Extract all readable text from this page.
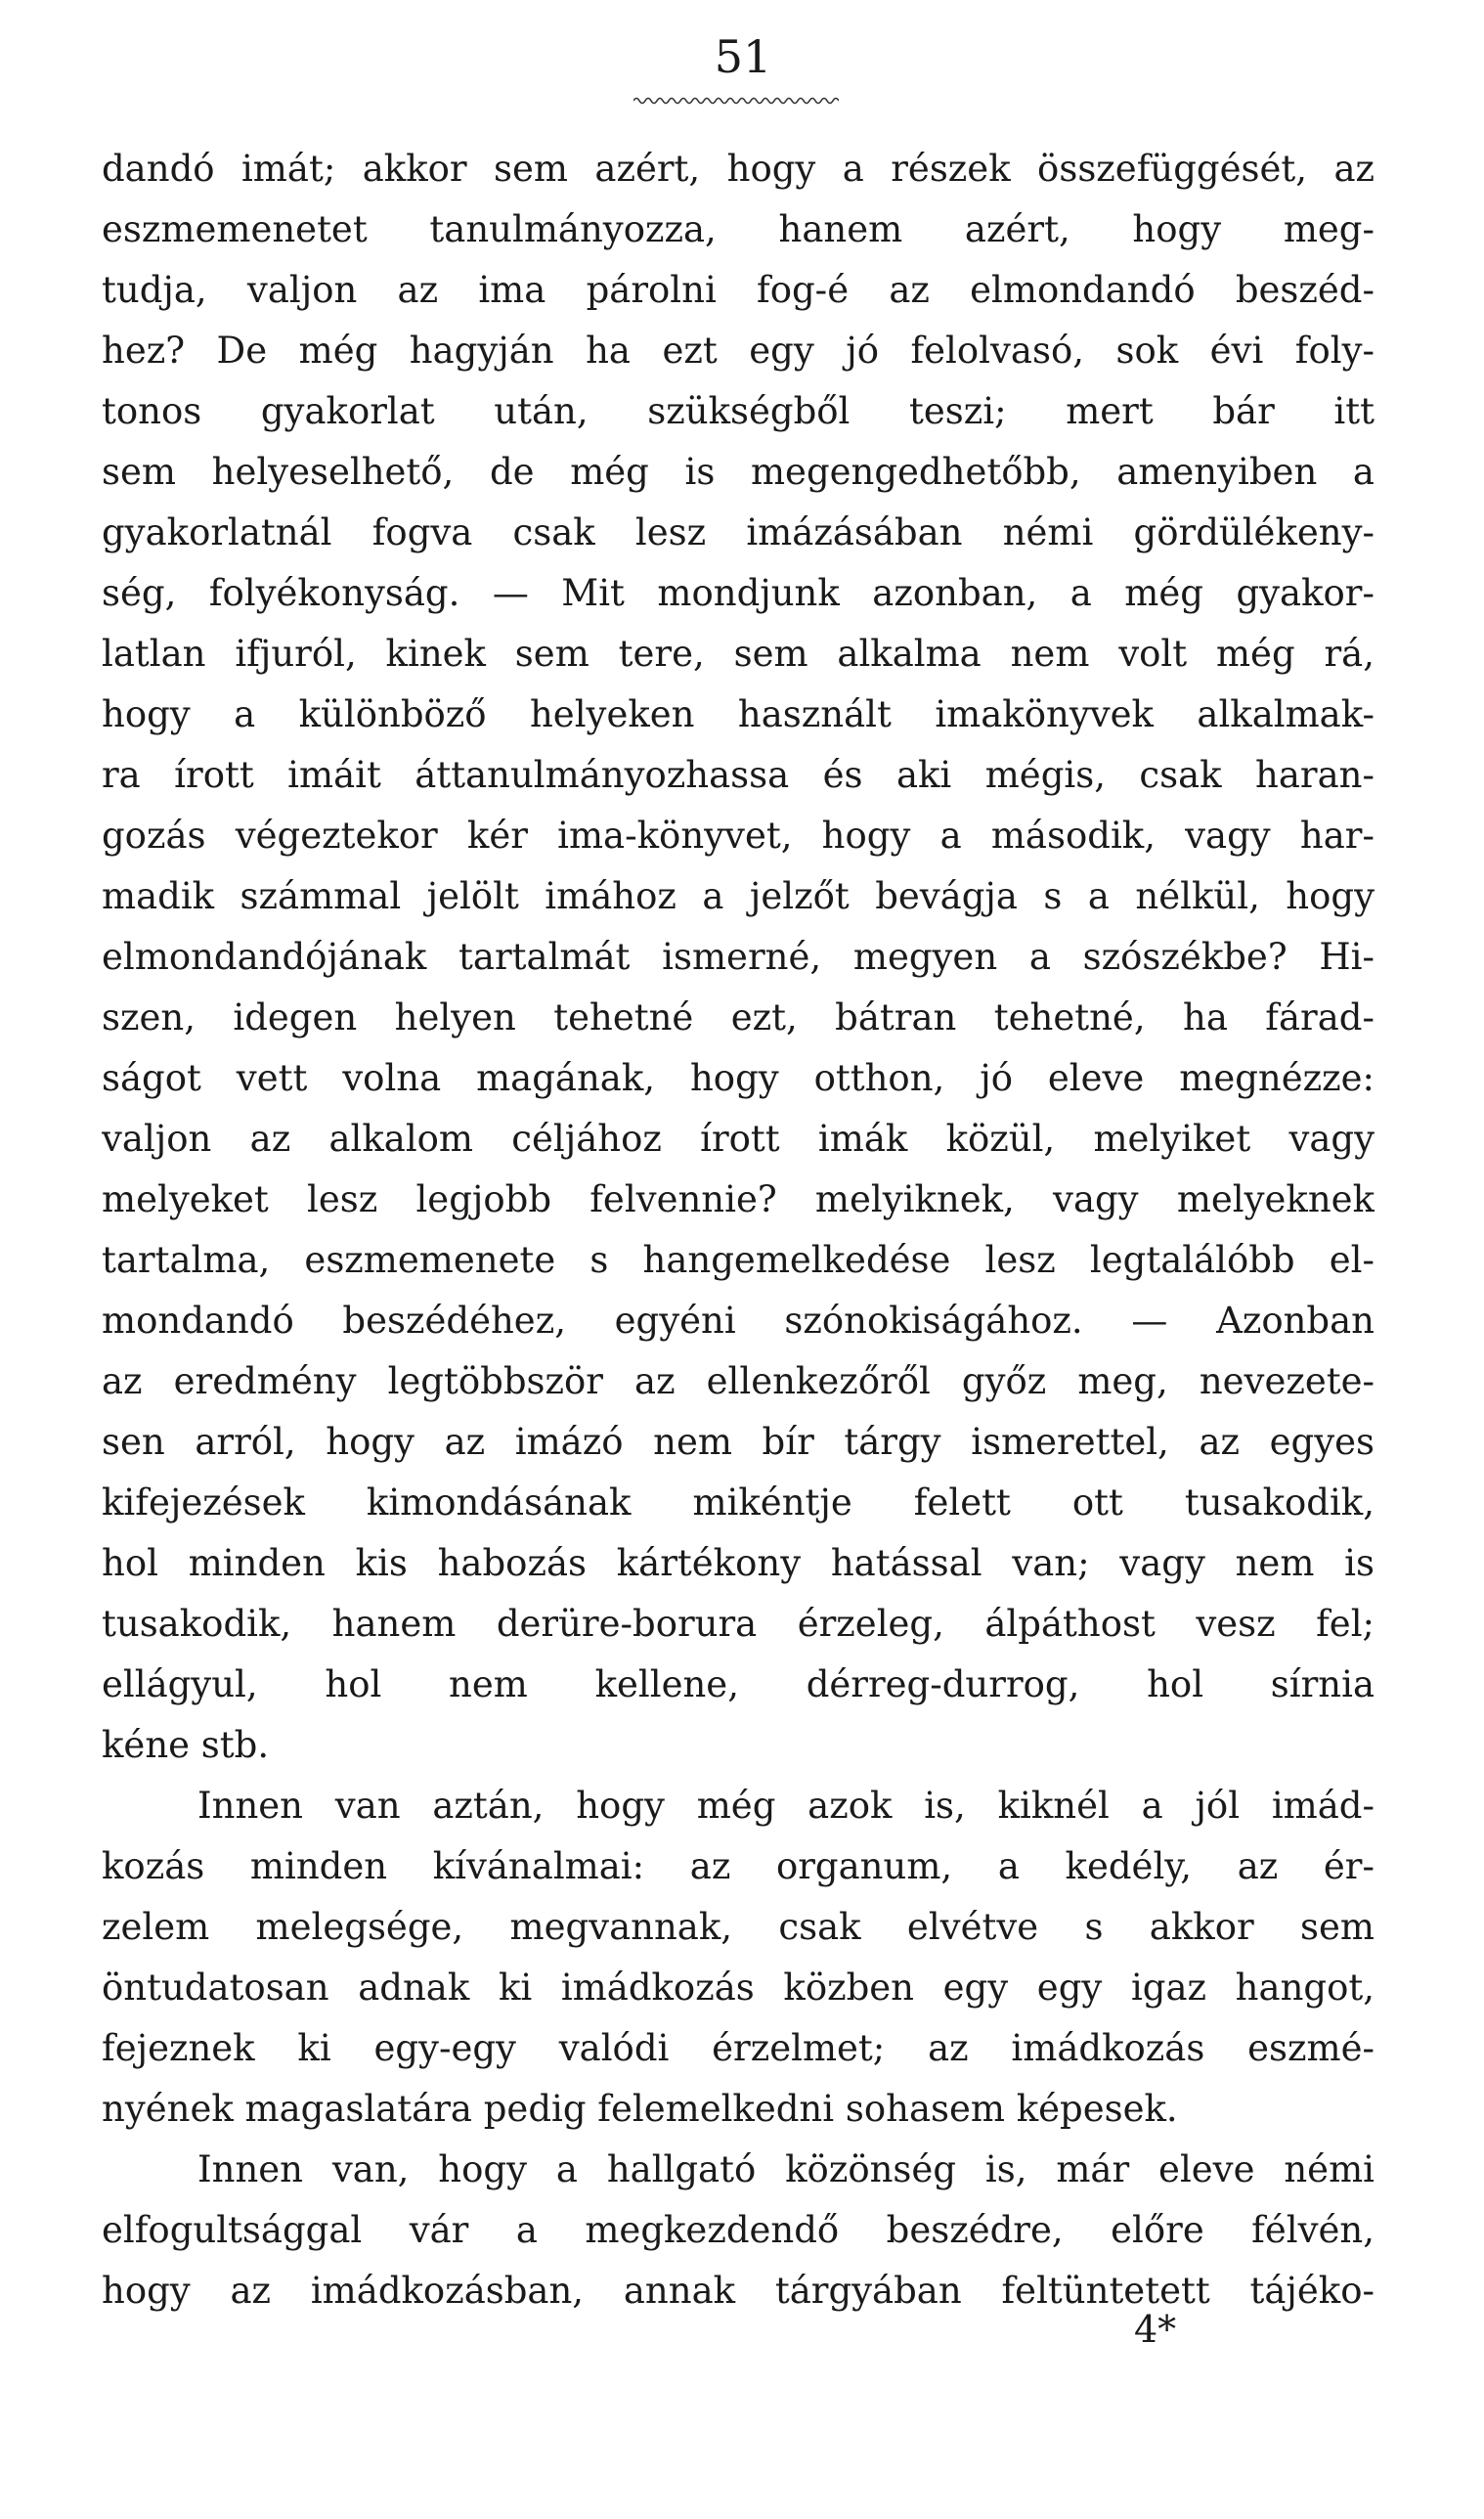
51
dandó imát; akkor sem azért, hogy a részek összefüggését, az
eszmemenetet tanulmányozza, hanem azért, hogy meg-
tudja, valjon az ima párolni fog-é az elmondandó beszéd-
hez? De még hagyján ha ezt egy jó felolvasó, sok évi foly-
tonos gyakorlat után, szükségből teszi; mert bár itt
sem helyeselhető, de még is megengedhetőbb, amenyiben a
gyakorlatnál fogva csak lesz imázásában némi gördülékeny-
ség, folyékonyság. — Mit mondjunk azonban, a még gyakor-
latlan ifjuról, kinek sem tere, sem alkalma nem volt még rá,
hogy a különböző helyeken használt imakönyvek alkalmak-
ra írott imáit áttanulmányozhassa és aki mégis, csak haran-
gozás végeztekor kér ima-könyvet, hogy a második, vagy har-
madik számmal jelölt imához a jelzőt bevágja s a nélkül, hogy
elmondandójának tartalmát ismerné, megyen a szószékbe? Hi-
szen, idegen helyen tehetné ezt, bátran tehetné, ha fárad-
ságot vett volna magának, hogy otthon, jó eleve megnézze:
valjon az alkalom céljához írott imák közül, melyiket vagy
melyeket lesz legjobb felvennie? melyiknek, vagy melyeknek
tartalma, eszmemenete s hangemelkedése lesz legtalálóbb el-
mondandó beszédéhez, egyéni szónokiságához. — Azonban
az eredmény legtöbbször az ellenkezőről győz meg, nevezete-
sen arról, hogy az imázó nem bír tárgy ismerettel, az egyes
kifejezések kimondásának mikéntje felett ott tusakodik,
hol minden kis habozás kártékony hatással van; vagy nem is
tusakodik, hanem derüre-borura érzeleg, álpáthost vesz fel;
ellágyul, hol nem kellene, dérreg-durrog, hol sírnia
kéne stb.
Innen van aztán, hogy még azok is, kiknél a jól imád-
kozás minden kívánalmai: az organum, a kedély, az ér-
zelem melegsége, megvannak, csak elvétve s akkor sem
öntudatosan adnak ki imádkozás közben egy egy igaz hangot,
fejeznek ki egy-egy valódi érzelmet; az imádkozás eszmé-
nyének magaslatára pedig felemelkedni sohasem képesek.
Innen van, hogy a hallgató közönség is, már eleve némi
elfogultsággal vár a megkezdendő beszédre, előre félvén,
hogy az imádkozásban, annak tárgyában feltüntetett tájéko-
4*
